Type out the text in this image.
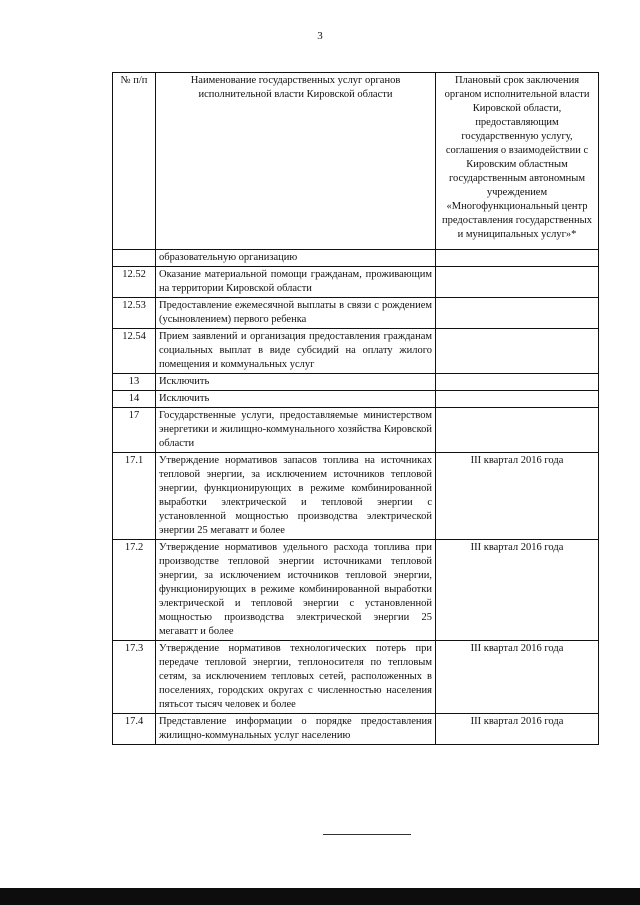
3
№ п/п	Наименование государственных услуг органов исполнительной власти Кировской области	Плановый срок заключения органом исполнительной власти Кировской области, предоставляющим государственную услугу, соглашения о взаимодействии с Кировским областным государственным автономным учреждением «Многофункциональный центр предоставления государственных и муниципальных услуг»*
	образовательную организацию	
12.52	Оказание материальной помощи гражданам, проживающим на территории Кировской области	
12.53	Предоставление ежемесячной выплаты в связи с рождением (усыновлением) первого ребенка	
12.54	Прием заявлений и организация предоставления гражданам социальных выплат в виде субсидий на оплату жилого помещения и коммунальных услуг	
13	Исключить	
14	Исключить	
17	Государственные услуги, предоставляемые министерством энергетики и жилищно-коммунального хозяйства Кировской области	
17.1	Утверждение нормативов запасов топлива на источниках тепловой энергии, за исключением источников тепловой энергии, функционирующих в режиме комбинированной выработки электрической и тепловой энергии с установленной мощностью производства электрической энергии 25 мегаватт и более	III квартал 2016 года
17.2	Утверждение нормативов удельного расхода топлива при производстве тепловой энергии источниками тепловой энергии, за исключением источников тепловой энергии, функционирующих в режиме комбинированной выработки электрической и тепловой энергии с установленной мощностью производства электрической энергии 25 мегаватт и более	III квартал 2016 года
17.3	Утверждение нормативов технологических потерь при передаче тепловой энергии, теплоносителя по тепловым сетям, за исключением тепловых сетей, расположенных в поселениях, городских округах с численностью населения пятьсот тысяч человек и более	III квартал 2016 года
17.4	Представление информации о порядке предоставления жилищно-коммунальных услуг населению	III квартал 2016 года
